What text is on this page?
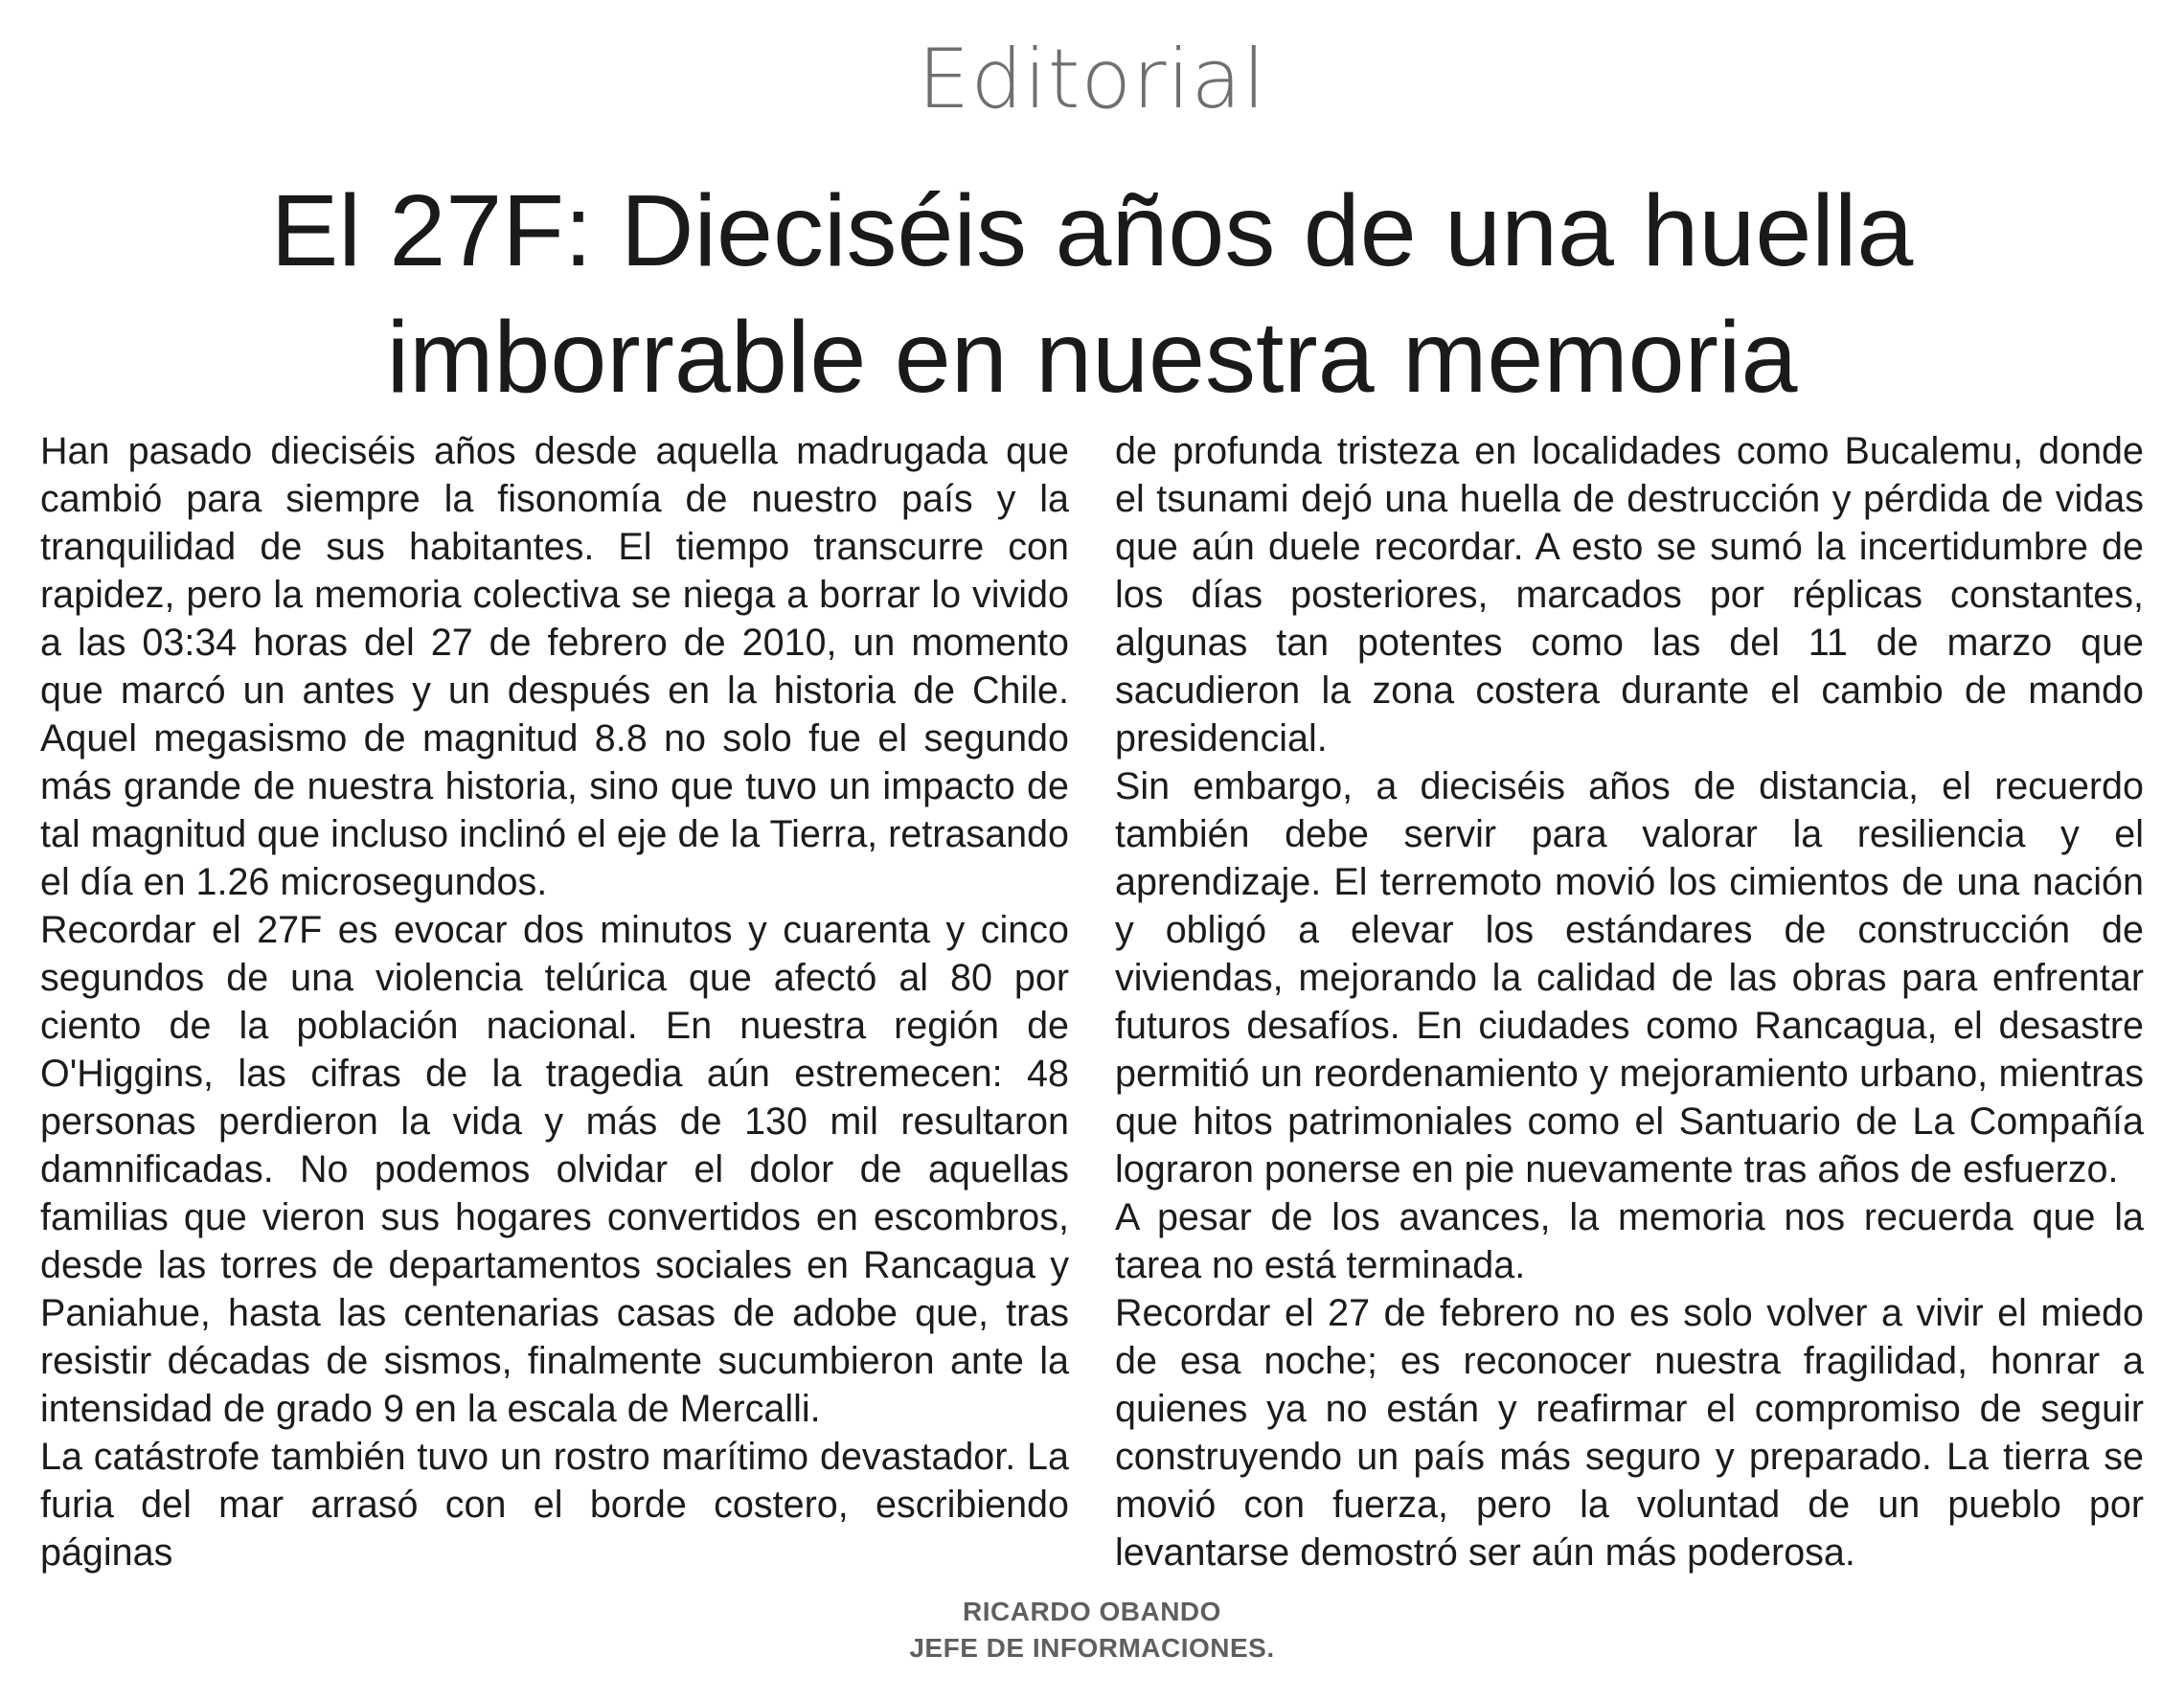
Editorial
El 27F: Dieciséis años de una huella
imborrable en nuestra memoria

Han pasado dieciséis años desde aquella madrugada que cambió para siempre la fisonomía de nuestro país y la tranquilidad de sus habitantes. El tiempo transcurre con rapidez, pero la memoria colectiva se niega a borrar lo vivido a las 03:34 horas del 27 de febrero de 2010, un momento que marcó un antes y un después en la historia de Chile. Aquel megasismo de magnitud 8.8 no solo fue el segundo más grande de nuestra historia, sino que tuvo un impacto de tal magnitud que incluso inclinó el eje de la Tierra, retrasando el día en 1.26 microsegundos.

Recordar el 27F es evocar dos minutos y cuarenta y cinco segundos de una violencia telúrica que afectó al 80 por ciento de la población nacional. En nuestra región de O'Higgins, las cifras de la tragedia aún estremecen: 48 personas perdieron la vida y más de 130 mil resultaron damnificadas. No podemos olvidar el dolor de aquellas familias que vieron sus hogares convertidos en escombros, desde las torres de departamentos sociales en Rancagua y Paniahue, hasta las centenarias casas de adobe que, tras resistir décadas de sismos, finalmente sucumbieron ante la intensidad de grado 9 en la escala de Mercalli.

La catástrofe también tuvo un rostro marítimo devastador. La furia del mar arrasó con el borde costero, escribiendo páginas

de profunda tristeza en localidades como Bucalemu, donde el tsunami dejó una huella de destrucción y pérdida de vidas que aún duele recordar. A esto se sumó la incertidumbre de los días posteriores, marcados por réplicas constantes, algunas tan potentes como las del 11 de marzo que sacudieron la zona costera durante el cambio de mando presidencial.

Sin embargo, a dieciséis años de distancia, el recuerdo también debe servir para valorar la resiliencia y el aprendizaje. El terremoto movió los cimientos de una nación y obligó a elevar los estándares de construcción de viviendas, mejorando la calidad de las obras para enfrentar futuros desafíos. En ciudades como Rancagua, el desastre permitió un reordenamiento y mejoramiento urbano, mientras que hitos patrimoniales como el Santuario de La Compañía lograron ponerse en pie nuevamente tras años de esfuerzo.

A pesar de los avances, la memoria nos recuerda que la tarea no está terminada.

Recordar el 27 de febrero no es solo volver a vivir el miedo de esa noche; es reconocer nuestra fragilidad, honrar a quienes ya no están y reafirmar el compromiso de seguir construyendo un país más seguro y preparado. La tierra se movió con fuerza, pero la voluntad de un pueblo por levantarse demostró ser aún más poderosa.

RICARDO OBANDO
JEFE DE INFORMACIONES.
